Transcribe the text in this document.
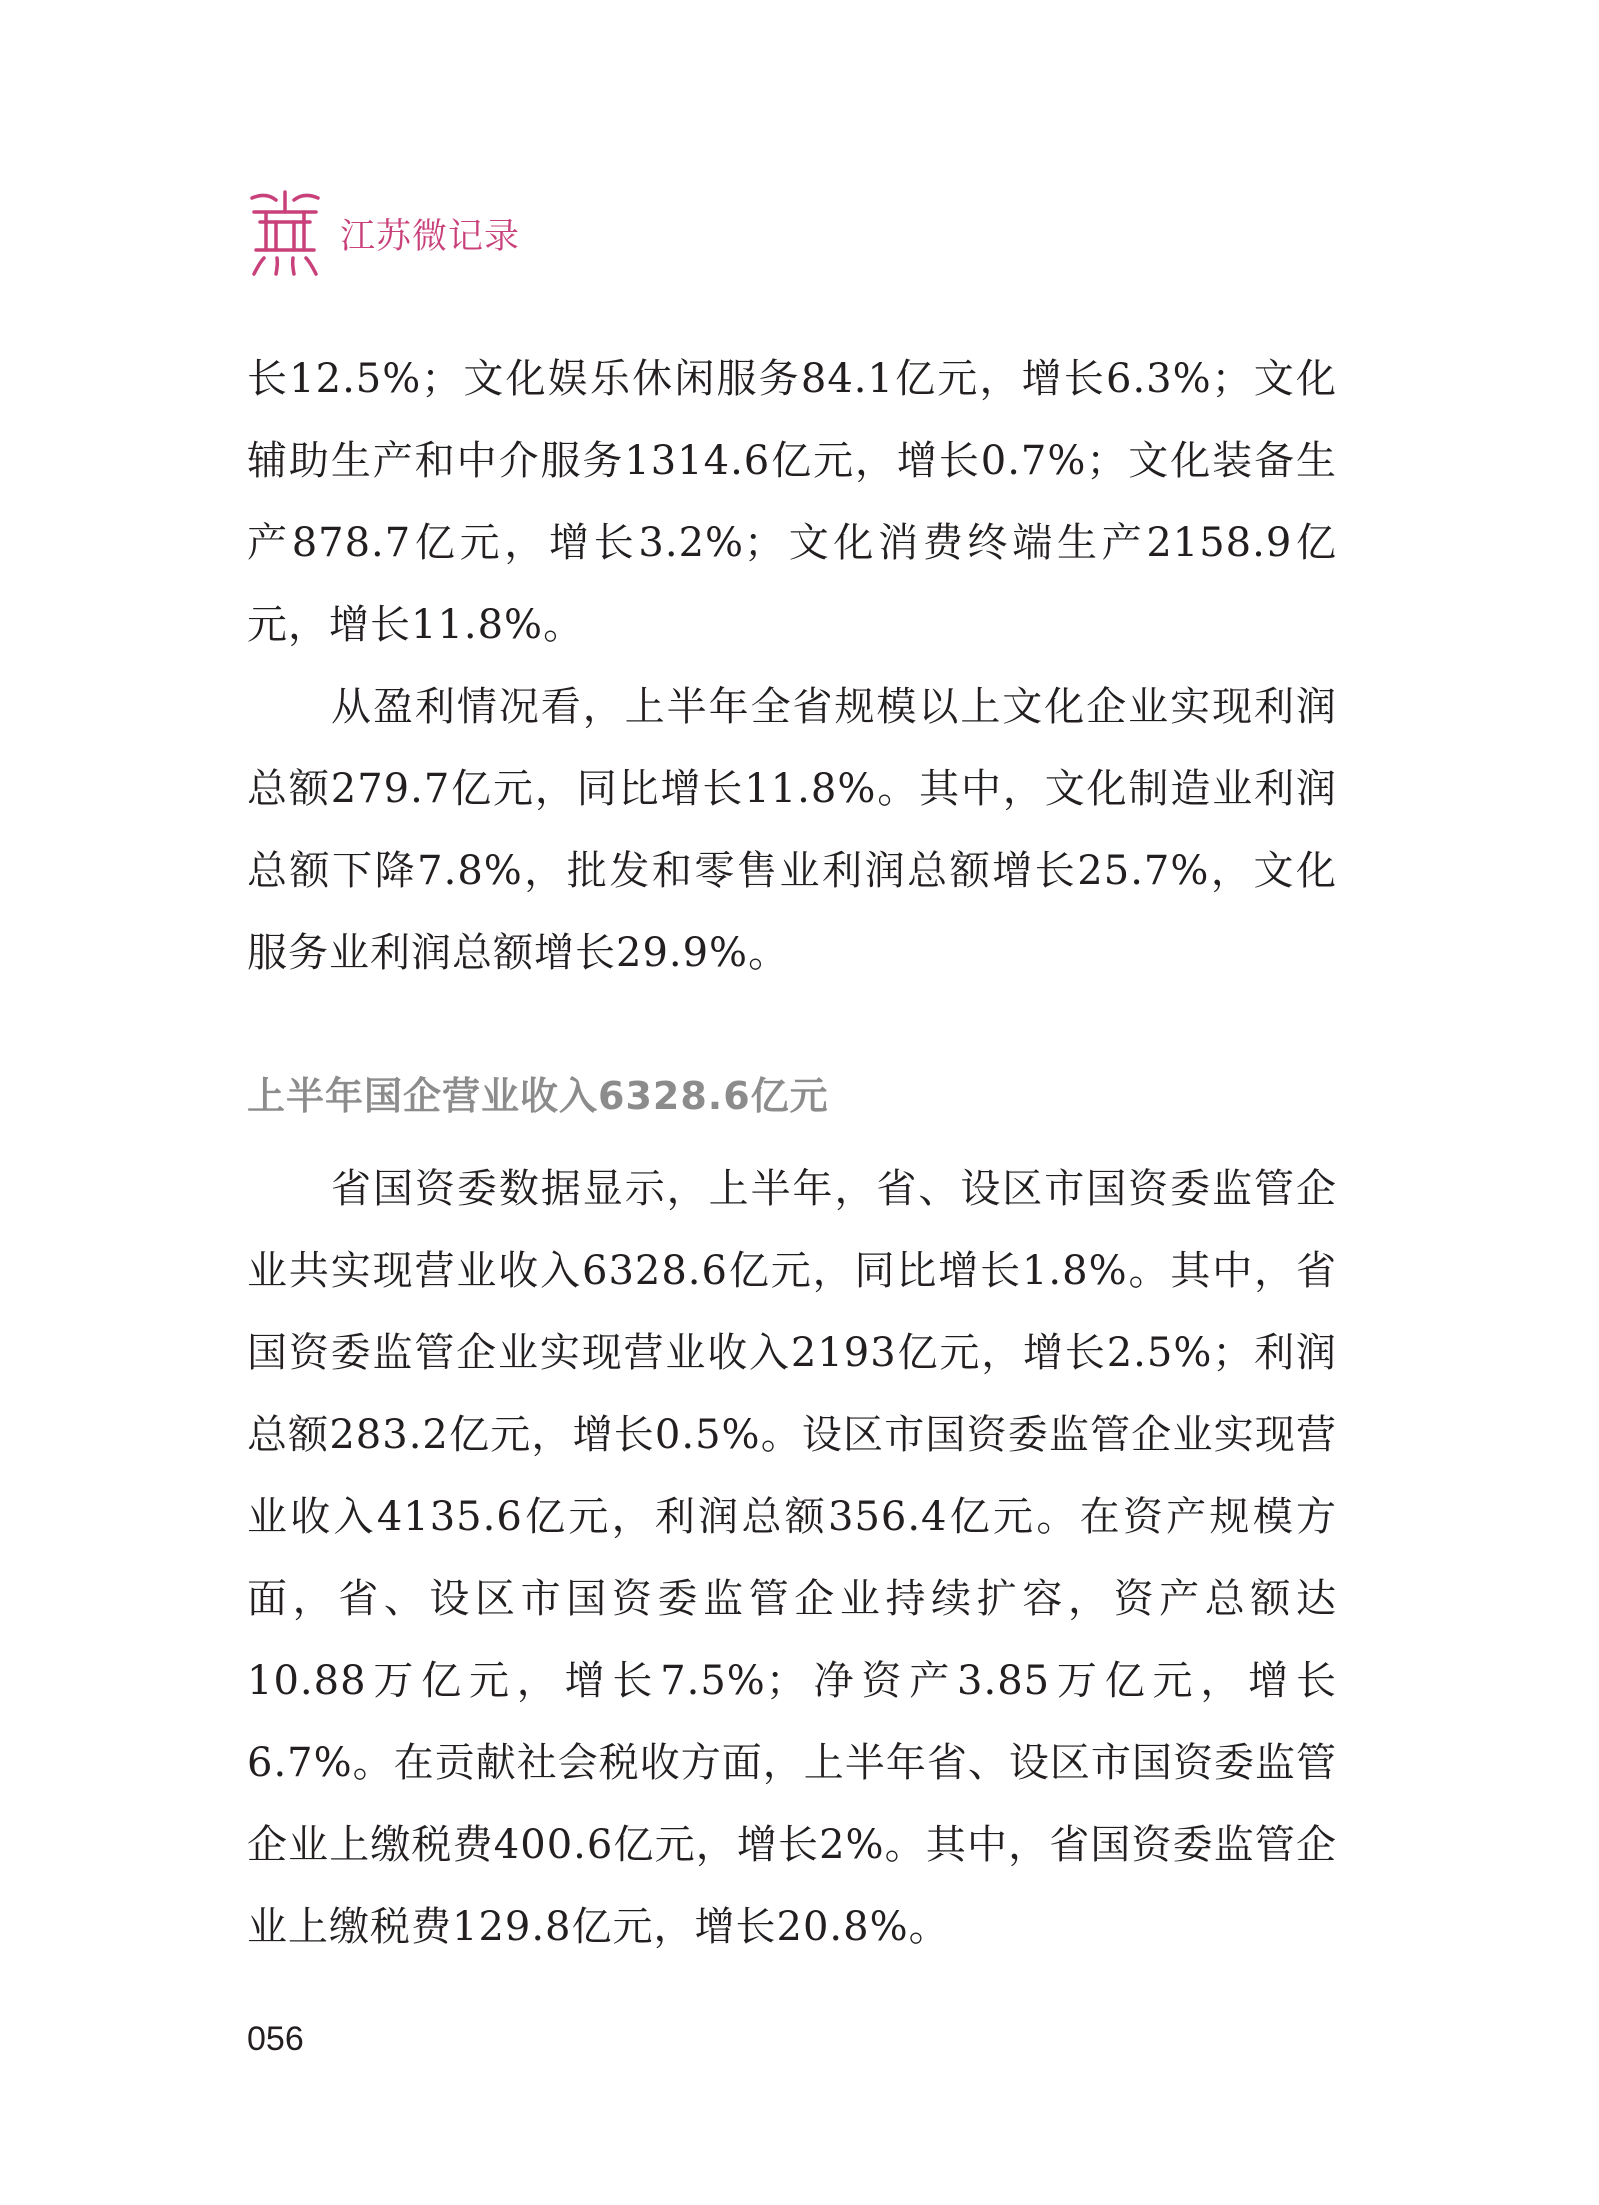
江苏微记录

长12.5%；文化娱乐休闲服务84.1亿元，增长6.3%；文化辅助生产和中介服务1314.6亿元，增长0.7%；文化装备生产878.7亿元，增长3.2%；文化消费终端生产2158.9亿元，增长11.8%。

从盈利情况看，上半年全省规模以上文化企业实现利润总额279.7亿元，同比增长11.8%。其中，文化制造业利润总额下降7.8%，批发和零售业利润总额增长25.7%，文化服务业利润总额增长29.9%。

上半年国企营业收入6328.6亿元

省国资委数据显示，上半年，省、设区市国资委监管企业共实现营业收入6328.6亿元，同比增长1.8%。其中，省国资委监管企业实现营业收入2193亿元，增长2.5%；利润总额283.2亿元，增长0.5%。设区市国资委监管企业实现营业收入4135.6亿元，利润总额356.4亿元。在资产规模方面，省、设区市国资委监管企业持续扩容，资产总额达10.88万亿元，增长7.5%；净资产3.85万亿元，增长6.7%。在贡献社会税收方面，上半年省、设区市国资委监管企业上缴税费400.6亿元，增长2%。其中，省国资委监管企业上缴税费129.8亿元，增长20.8%。

056
